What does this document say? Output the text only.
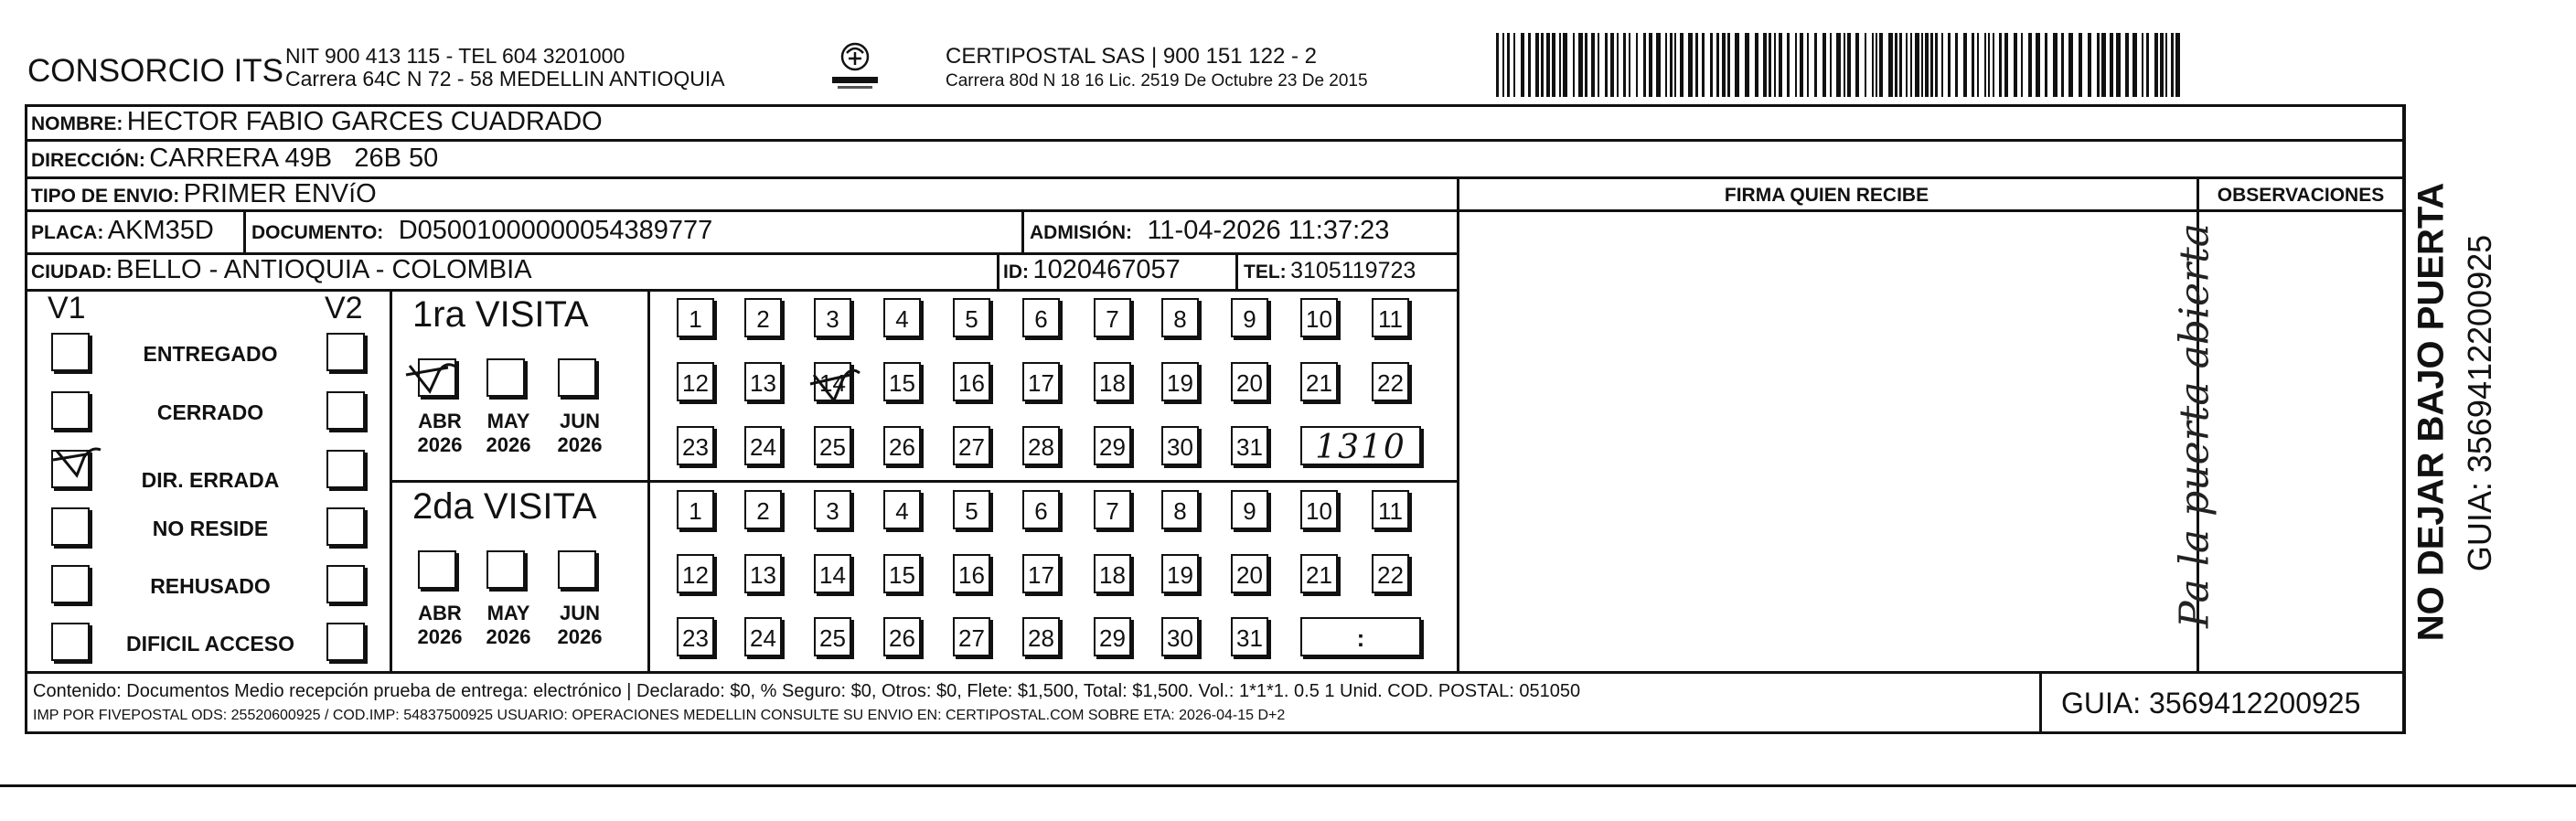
CONSORCIO ITS NIT 900 413 115 - TEL 604 3201000
Carrera 64C N 72 - 58 MEDELLIN ANTIOQUIA
CERTIPOSTAL SAS | 900 151 122 - 2
Carrera 80d N 18 16 Lic. 2519 De Octubre 23 De 2015
NOMBRE: HECTOR FABIO GARCES CUADRADO
DIRECCIÓN: CARRERA 49B   26B 50
TIPO DE ENVIO: PRIMER ENVíO	FIRMA QUIEN RECIBE	OBSERVACIONES
PLACA: AKM35D DOCUMENTO: D05001000000054389777	ADMISIÓN: 11-04-2026 11:37:23
CIUDAD: BELLO - ANTIOQUIA - COLOMBIA	ID: 1020467057	TEL: 3105119723
V1	V2
ENTREGADO
CERRADO
DIR. ERRADA
NO RESIDE
REHUSADO
DIFICIL ACCESO
1ra VISITA
2da VISITA
ABR
2026
MAY
2026
JUN
2026
ABR
2026
MAY
2026
JUN
2026
1	2	3	4	5	6	7	8	9	10 11
12 13 14 15 16 17 18 19 20 21 22
23 24 25 26 27 28 29 30 31
1	2	3	4	5	6	7	8	9	10 11
12 13 14 15 16 17 18 19 20 21 22
23 24 25 26 27 28 29 30 31
1310
:
Pa la puerta abierta
Contenido: Documentos Medio recepción prueba de entrega: electrónico | Declarado: $0, % Seguro: $0, Otros: $0, Flete: $1,500, Total: $1,500. Vol.: 1*1*1. 0.5 1 Unid. COD. POSTAL: 051050
IMP POR FIVEPOSTAL ODS: 25520600925 / COD.IMP: 54837500925 USUARIO: OPERACIONES MEDELLIN CONSULTE SU ENVIO EN: CERTIPOSTAL.COM SOBRE ETA: 2026-04-15 D+2	GUIA: 3569412200925
NO DEJAR BAJO PUERTA GUIA: 3569412200925
